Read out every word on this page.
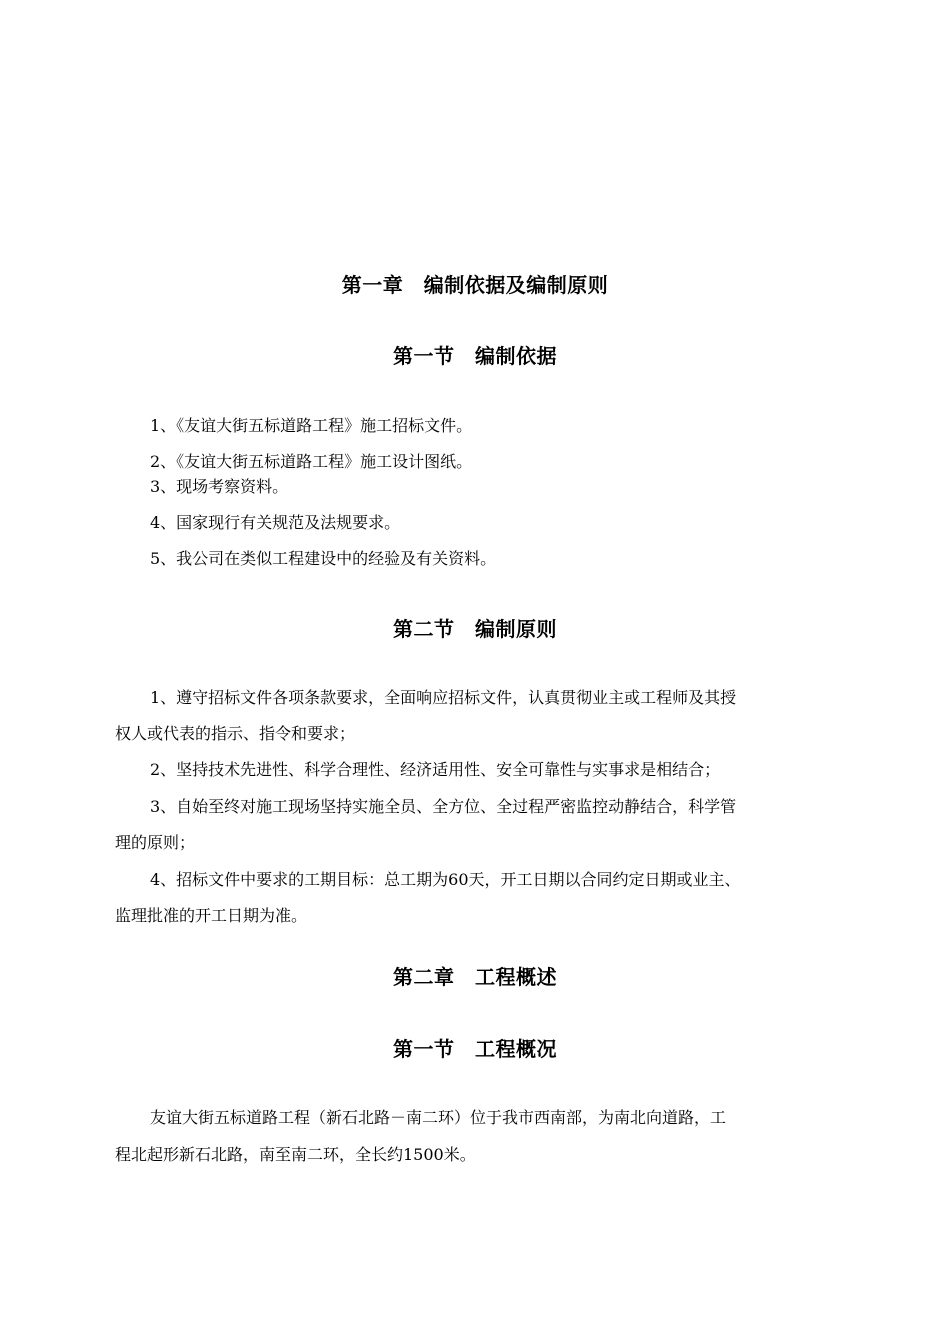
第一章　编制依据及编制原则
第一节　编制依据
1、《友谊大街五标道路工程》施工招标文件。
2、《友谊大街五标道路工程》施工设计图纸。
3、现场考察资料。
4、国家现行有关规范及法规要求。
5、我公司在类似工程建设中的经验及有关资料。
第二节　编制原则
1、遵守招标文件各项条款要求，全面响应招标文件，认真贯彻业主或工程师及其授
权人或代表的指示、指令和要求；
2、坚持技术先进性、科学合理性、经济适用性、安全可靠性与实事求是相结合；
3、自始至终对施工现场坚持实施全员、全方位、全过程严密监控动静结合，科学管
理的原则；
4、招标文件中要求的工期目标：总工期为60天，开工日期以合同约定日期或业主、
监理批准的开工日期为准。
第二章　工程概述
第一节　工程概况
友谊大街五标道路工程（新石北路－南二环）位于我市西南部，为南北向道路，工
程北起形新石北路，南至南二环，全长约1500米。
